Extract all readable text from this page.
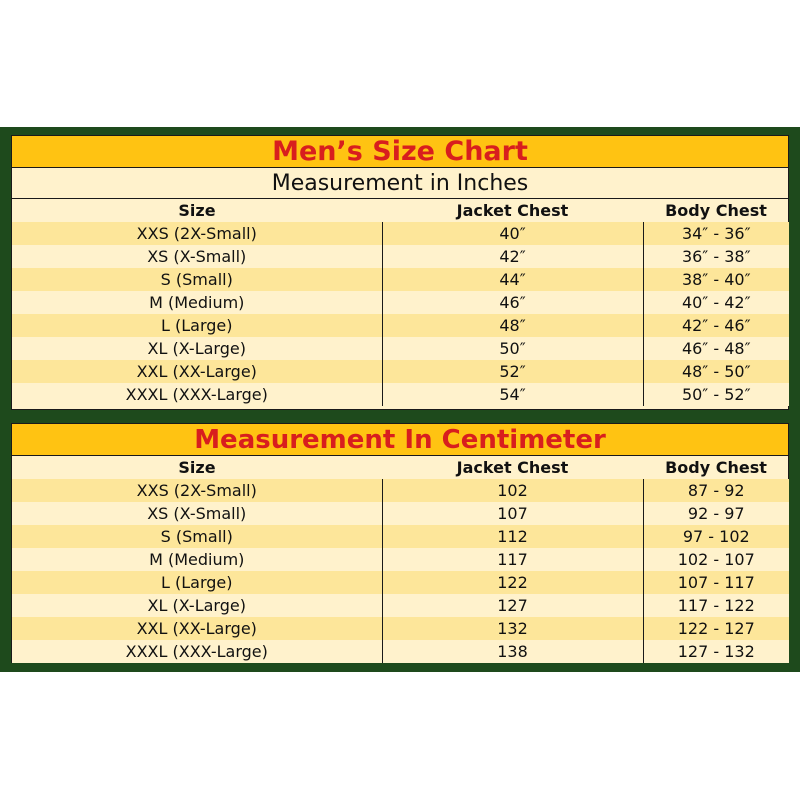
Men’s Size Chart
Measurement in Inches
Size	Jacket Chest	Body Chest
XXS (2X-Small)	40″	34″ - 36″
XS (X-Small)	42″	36″ - 38″
S (Small)	44″	38″ - 40″
M (Medium)	46″	40″ - 42″
L (Large)	48″	42″ - 46″
XL (X-Large)	50″	46″ - 48″
XXL (XX-Large)	52″	48″ - 50″
XXXL (XXX-Large)	54″	50″ - 52″
Measurement In Centimeter
Size	Jacket Chest	Body Chest
XXS (2X-Small)	102	87 - 92
XS (X-Small)	107	92 - 97
S (Small)	112	97 - 102
M (Medium)	117	102 - 107
L (Large)	122	107 - 117
XL (X-Large)	127	117 - 122
XXL (XX-Large)	132	122 - 127
XXXL (XXX-Large)	138	127 - 132
